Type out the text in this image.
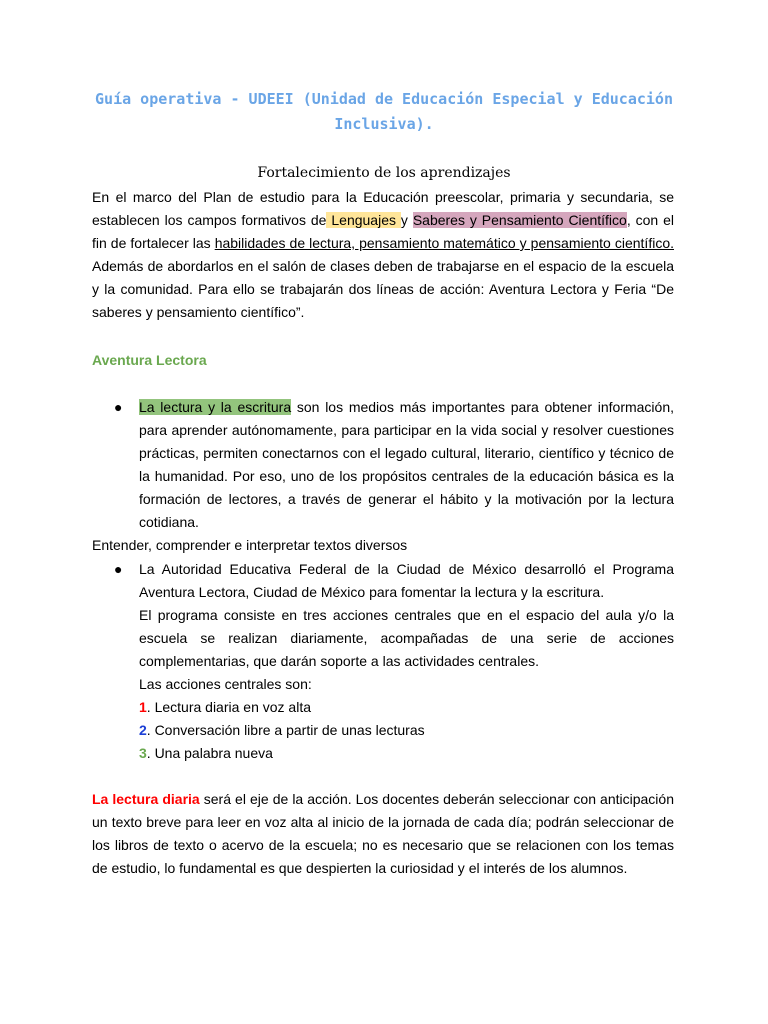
Guía operativa - UDEEI (Unidad de Educación Especial y Educación Inclusiva).
Fortalecimiento de los aprendizajes
En el marco del Plan de estudio para la Educación preescolar, primaria y secundaria, se establecen los campos formativos de Lenguajes y Saberes y Pensamiento Científico, con el fin de fortalecer las habilidades de lectura, pensamiento matemático y pensamiento científico. Además de abordarlos en el salón de clases deben de trabajarse en el espacio de la escuela y la comunidad. Para ello se trabajarán dos líneas de acción: Aventura Lectora y Feria “De saberes y pensamiento científico”.
Aventura Lectora
● La lectura y la escritura son los medios más importantes para obtener información, para aprender autónomamente, para participar en la vida social y resolver cuestiones prácticas, permiten conectarnos con el legado cultural, literario, científico y técnico de la humanidad. Por eso, uno de los propósitos centrales de la educación básica es la formación de lectores, a través de generar el hábito y la motivación por la lectura cotidiana.
Entender, comprender e interpretar textos diversos
● La Autoridad Educativa Federal de la Ciudad de México desarrolló el Programa Aventura Lectora, Ciudad de México para fomentar la lectura y la escritura.
El programa consiste en tres acciones centrales que en el espacio del aula y/o la escuela se realizan diariamente, acompañadas de una serie de acciones complementarias, que darán soporte a las actividades centrales.
Las acciones centrales son:
1. Lectura diaria en voz alta
2. Conversación libre a partir de unas lecturas
3. Una palabra nueva
La lectura diaria será el eje de la acción. Los docentes deberán seleccionar con anticipación un texto breve para leer en voz alta al inicio de la jornada de cada día; podrán seleccionar de los libros de texto o acervo de la escuela; no es necesario que se relacionen con los temas de estudio, lo fundamental es que despierten la curiosidad y el interés de los alumnos.
